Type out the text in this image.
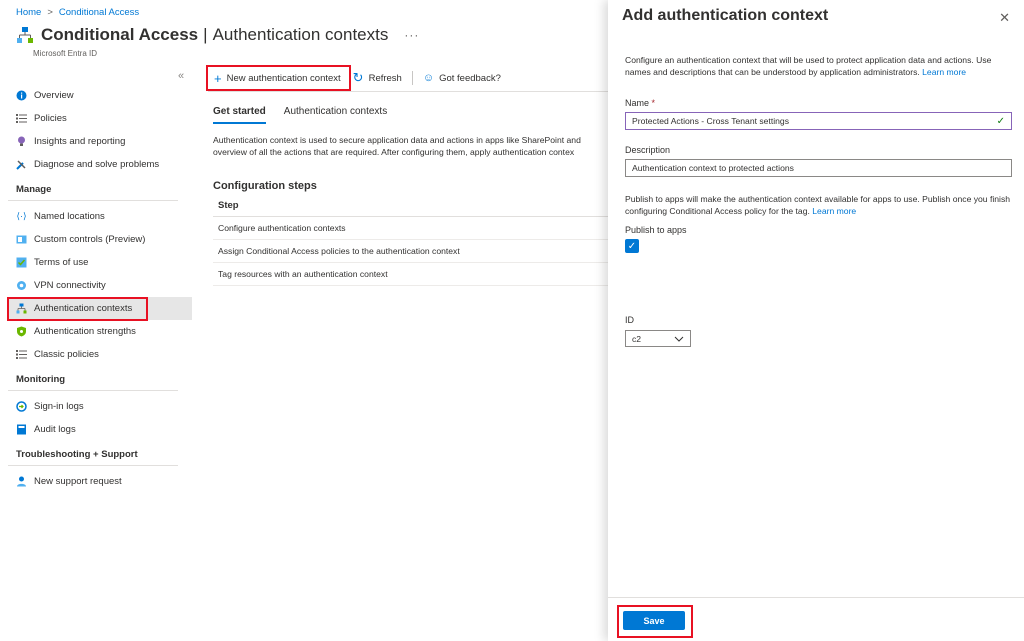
Home > Conditional Access
Conditional Access | Authentication contexts ···
Microsoft Entra ID
«
Overview
Policies
Insights and reporting
Diagnose and solve problems
Manage
⟨·⟩ Named locations
Custom controls (Preview)
Terms of use
VPN connectivity
Authentication contexts
Authentication strengths
Classic policies
Monitoring
Sign-in logs
Audit logs
Troubleshooting + Support
New support request
+ New authentication context ↻ Refresh ☺ Got feedback?
Get started Authentication contexts
Authentication context is used to secure application data and actions in apps like SharePoint and
overview of all the actions that are required. After configuring them, apply authentication contex
Configuration steps
Step
Configure authentication contexts
Assign Conditional Access policies to the authentication context
Tag resources with an authentication context
Add authentication context	✕
Configure an authentication context that will be used to protect application data and actions. Use names and descriptions that can be understood by application administrators. Learn more
Name *
Protected Actions - Cross Tenant settings	✓
Description
Authentication context to protected actions
Publish to apps will make the authentication context available for apps to use. Publish once you finish configuring Conditional Access policy for the tag. Learn more
Publish to apps
✓
ID
c2
Save
